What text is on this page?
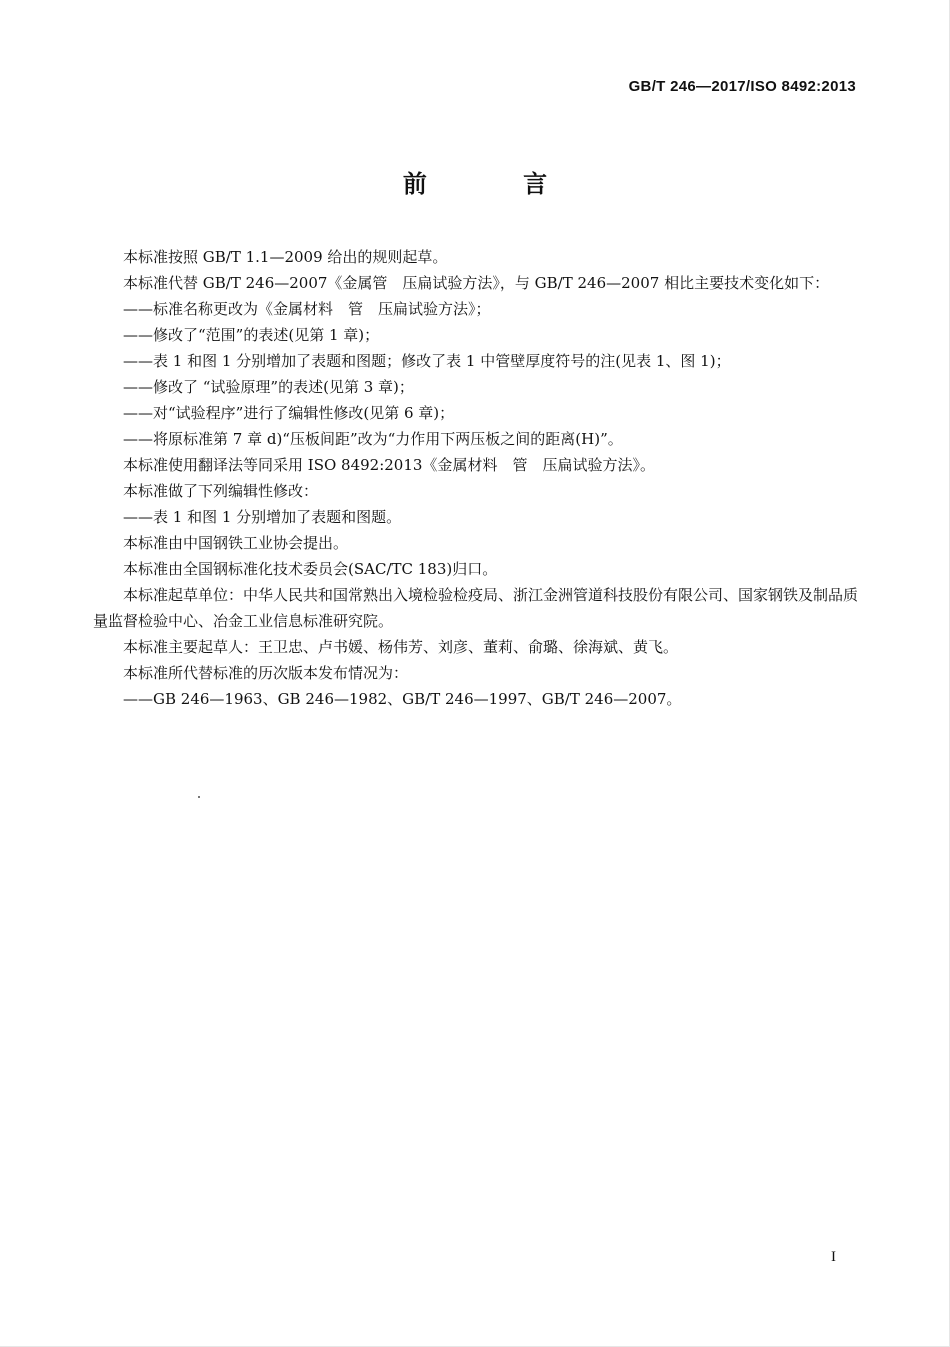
GB/T 246—2017/ISO 8492:2013
前 言

本标准按照 GB/T 1.1—2009 给出的规则起草。

本标准代替 GB/T 246—2007《金属管　压扁试验方法》，与 GB/T 246—2007 相比主要技术变化如下：

——标准名称更改为《金属材料　管　压扁试验方法》；

——修改了“范围”的表述(见第 1 章)；

——表 1 和图 1 分别增加了表题和图题；修改了表 1 中管壁厚度符号的注(见表 1、图 1)；

——修改了 “试验原理”的表述(见第 3 章)；

——对“试验程序”进行了编辑性修改(见第 6 章)；

——将原标准第 7 章 d)“压板间距”改为“力作用下两压板之间的距离(H)”。

本标准使用翻译法等同采用 ISO 8492:2013《金属材料　管　压扁试验方法》。

本标准做了下列编辑性修改：

——表 1 和图 1 分别增加了表题和图题。

本标准由中国钢铁工业协会提出。

本标准由全国钢标准化技术委员会(SAC/TC 183)归口。

本标准起草单位：中华人民共和国常熟出入境检验检疫局、浙江金洲管道科技股份有限公司、国家钢铁及制品质量监督检验中心、冶金工业信息标准研究院。

本标准主要起草人：王卫忠、卢书媛、杨伟芳、刘彦、董莉、俞璐、徐海斌、黄飞。

本标准所代替标准的历次版本发布情况为：

——GB 246—1963、GB 246—1982、GB/T 246—1997、GB/T 246—2007。

I
